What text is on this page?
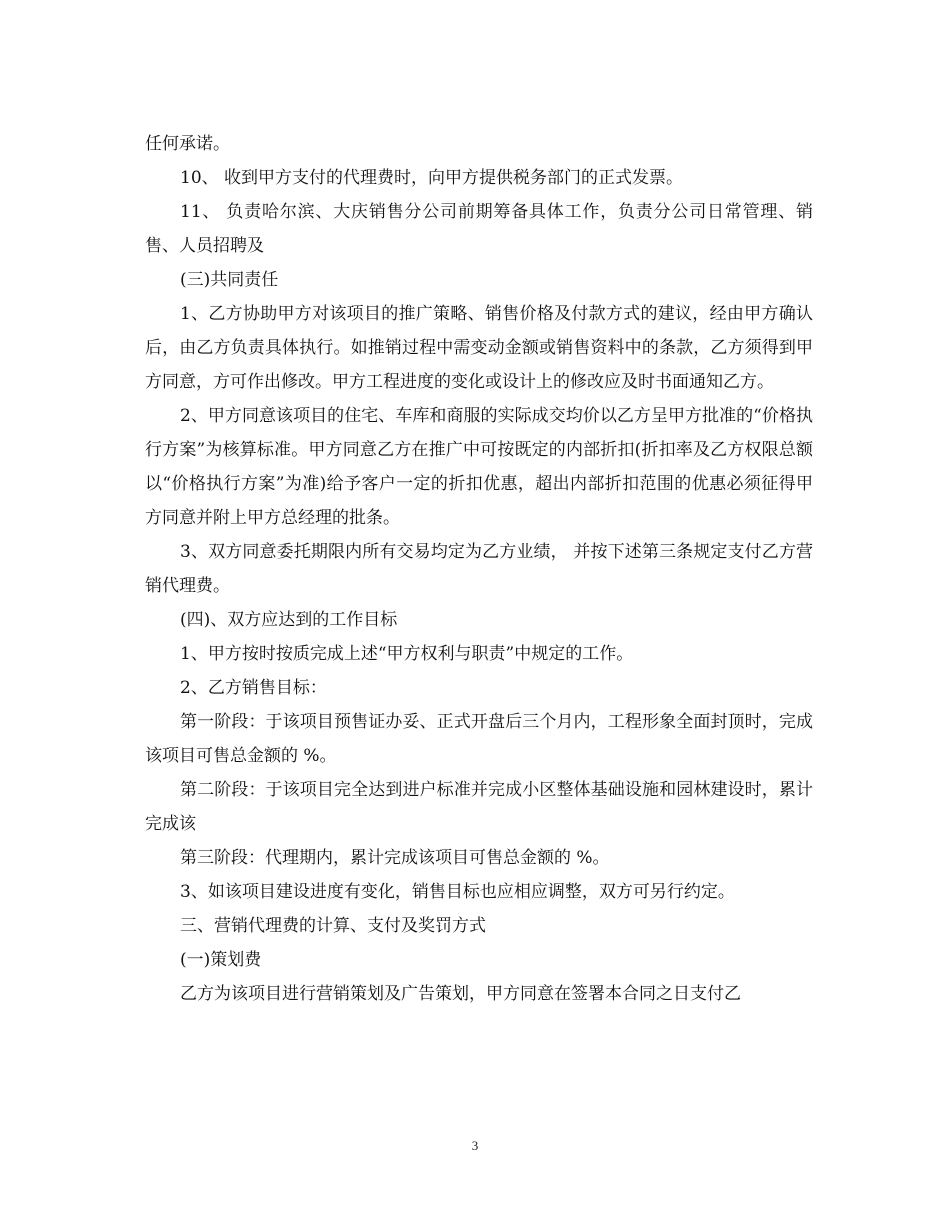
任何承诺。

10、 收到甲方支付的代理费时，向甲方提供税务部门的正式发票。

11、 负责哈尔滨、大庆销售分公司前期筹备具体工作，负责分公司日常管理、销售、人员招聘及

(三)共同责任

1、乙方协助甲方对该项目的推广策略、销售价格及付款方式的建议，经由甲方确认后，由乙方负责具体执行。如推销过程中需变动金额或销售资料中的条款，乙方须得到甲方同意，方可作出修改。甲方工程进度的变化或设计上的修改应及时书面通知乙方。

2、甲方同意该项目的住宅、车库和商服的实际成交均价以乙方呈甲方批准的“价格执行方案”为核算标准。甲方同意乙方在推广中可按既定的内部折扣(折扣率及乙方权限总额以“价格执行方案”为准)给予客户一定的折扣优惠，超出内部折扣范围的优惠必须征得甲方同意并附上甲方总经理的批条。

3、双方同意委托期限内所有交易均定为乙方业绩， 并按下述第三条规定支付乙方营销代理费。

(四)、双方应达到的工作目标

1、甲方按时按质完成上述“甲方权利与职责”中规定的工作。

2、乙方销售目标：

第一阶段：于该项目预售证办妥、正式开盘后三个月内，工程形象全面封顶时，完成该项目可售总金额的 %。

第二阶段：于该项目完全达到进户标准并完成小区整体基础设施和园林建设时，累计完成该

第三阶段：代理期内，累计完成该项目可售总金额的 %。

3、如该项目建设进度有变化，销售目标也应相应调整，双方可另行约定。

三、营销代理费的计算、支付及奖罚方式

(一)策划费

乙方为该项目进行营销策划及广告策划，甲方同意在签署本合同之日支付乙

3
